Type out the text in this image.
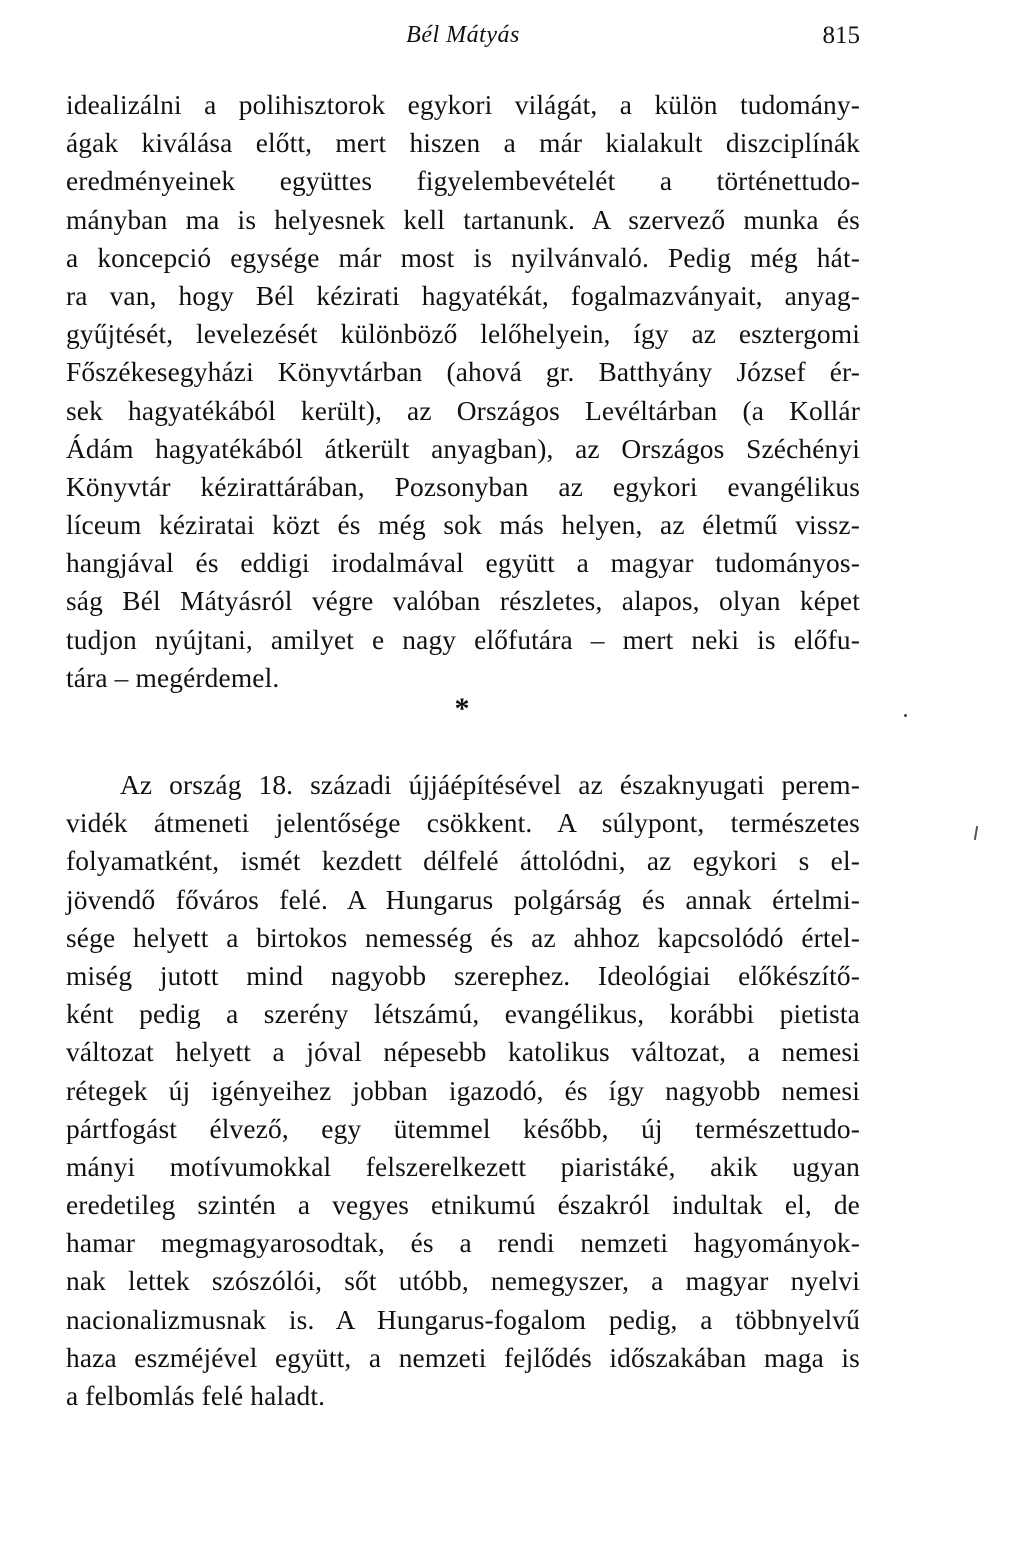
Bél Mátyás	815
idealizálni a polihisztorok egykori világát, a külön tudomány-
ágak kiválása előtt, mert hiszen a már kialakult diszciplínák
eredményeinek együttes figyelembevételét a történettudo-
mányban ma is helyesnek kell tartanunk. A szervező munka és
a koncepció egysége már most is nyilvánvaló. Pedig még hát-
ra van, hogy Bél kézirati hagyatékát, fogalmazványait, anyag-
gyűjtését, levelezését különböző lelőhelyein, így az esztergomi
Főszékesegyházi Könyvtárban (ahová gr. Batthyány József ér-
sek hagyatékából került), az Országos Levéltárban (a Kollár
Ádám hagyatékából átkerült anyagban), az Országos Széchényi
Könyvtár kézirattárában, Pozsonyban az egykori evangélikus
líceum kéziratai közt és még sok más helyen, az életmű vissz-
hangjával és eddigi irodalmával együtt a magyar tudományos-
ság Bél Mátyásról végre valóban részletes, alapos, olyan képet
tudjon nyújtani, amilyet e nagy előfutára – mert neki is előfu-
tára – megérdemel.
*
Az ország 18. századi újjáépítésével az északnyugati perem-
vidék átmeneti jelentősége csökkent. A súlypont, természetes
folyamatként, ismét kezdett délfelé áttolódni, az egykori s el-
jövendő főváros felé. A Hungarus polgárság és annak értelmi-
sége helyett a birtokos nemesség és az ahhoz kapcsolódó értel-
miség jutott mind nagyobb szerephez. Ideológiai előkészítő-
ként pedig a szerény létszámú, evangélikus, korábbi pietista
változat helyett a jóval népesebb katolikus változat, a nemesi
rétegek új igényeihez jobban igazodó, és így nagyobb nemesi
pártfogást élvező, egy ütemmel később, új természettudo-
mányi motívumokkal felszerelkezett piaristáké, akik ugyan
eredetileg szintén a vegyes etnikumú északról indultak el, de
hamar megmagyarosodtak, és a rendi nemzeti hagyományok-
nak lettek szószólói, sőt utóbb, nemegyszer, a magyar nyelvi
nacionalizmusnak is. A Hungarus-fogalom pedig, a többnyelvű
haza eszméjével együtt, a nemzeti fejlődés időszakában maga is
a felbomlás felé haladt.
